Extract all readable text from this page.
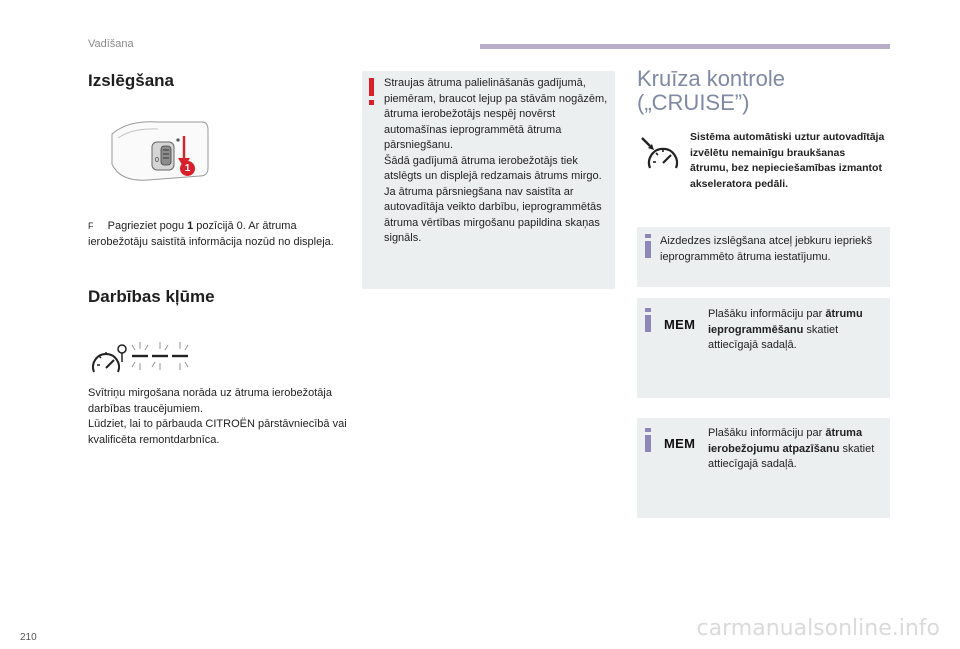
Vadīšana
Izslēgšana
0
1
F Pagrieziet pogu 1 pozīcijā 0. Ar ātruma ierobežotāju saistītā informācija nozūd no displeja.
Darbības kļūme
Svītriņu mirgošana norāda uz ātruma ierobežotāja darbības traucējumiem.
Lūdziet, lai to pārbauda CITROËN pārstāvniecībā vai kvalificēta remontdarbnīca.
Straujas ātruma palielināšanās gadījumā, piemēram, braucot lejup pa stāvām nogāzēm, ātruma ierobežotājs nespēj novērst automašīnas ieprogrammētā ātruma pārsniegšanu.
Šādā gadījumā ātruma ierobežotājs tiek atslēgts un displejā redzamais ātrums mirgo.
Ja ātruma pārsniegšana nav saistīta ar autovadītāja veikto darbību, ieprogrammētās ātruma vērtības mirgošanu papildina skaņas signāls.
Kruīza kontrole
(„CRUISE”)
Sistēma automātiski uztur autovadītāja izvēlētu nemainīgu braukšanas ātrumu, bez nepieciešamības izmantot akseleratora pedāli.
Aizdedzes izslēgšana atceļ jebkuru iepriekš ieprogrammēto ātruma iestatījumu.
MEM
Plašāku informāciju par ātrumu ieprogrammēšanu skatiet attiecīgajā sadaļā.
MEM
Plašāku informāciju par ātruma ierobežojumu atpazīšanu skatiet attiecīgajā sadaļā.
210	carmanualsonline.info
